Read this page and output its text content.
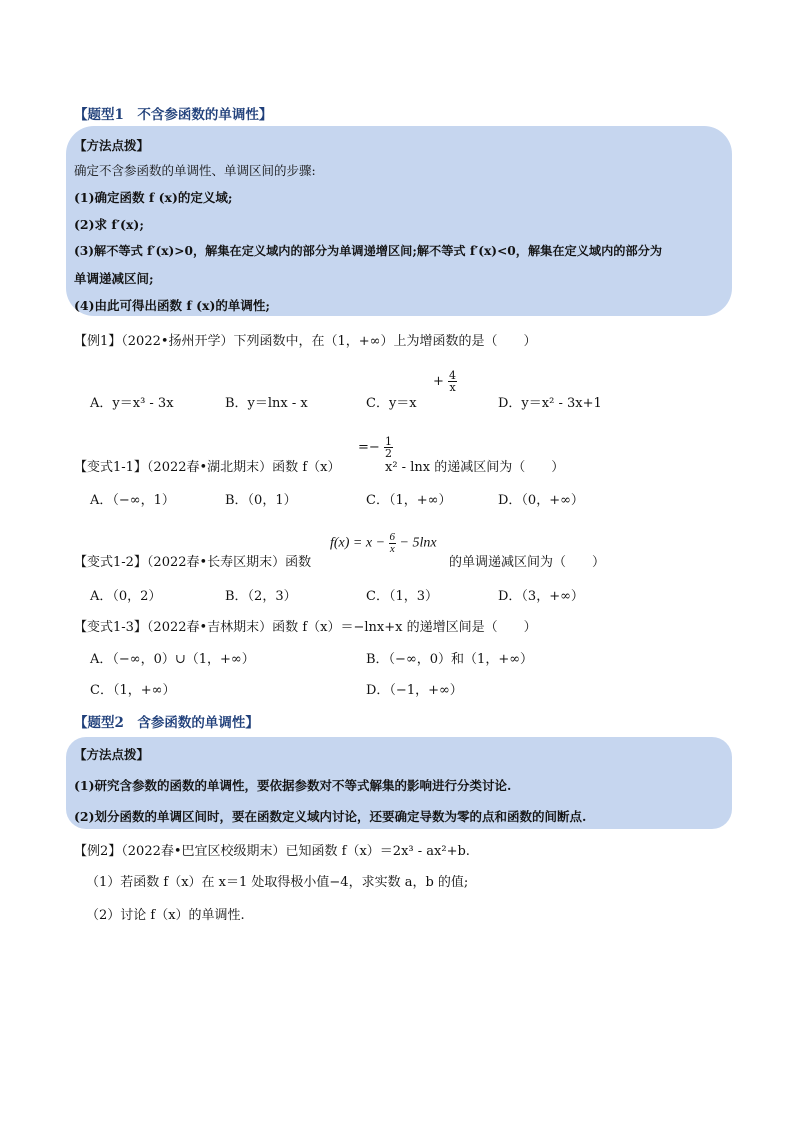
【题型1　不含参函数的单调性】
【方法点拨】
确定不含参函数的单调性、单调区间的步骤:
(1)确定函数 f (x)的定义域;
(2)求 f′(x);
(3)解不等式 f′(x)>0，解集在定义域内的部分为单调递增区间;解不等式 f′(x)<0，解集在定义域内的部分为
单调递减区间;
(4)由此可得出函数 f (x)的单调性;
【例1】（2022•扬州开学）下列函数中，在（1，+∞）上为增函数的是（　　）
A．y＝x³ - 3x	B．y＝lnx - x	C．y＝x
+ $\frac{4}{x}$
D．y＝x² - 3x+1
【变式1-1】（2022春•湖北期末）函数 f（x）
=− $\frac{1}{2}$
x² - lnx 的递减区间为（　　）
A．（−∞，1）	B．（0，1）	C．（1，+∞）	D．（0，+∞）
【变式1-2】（2022春•长寿区期末）函数
$f(x) = x - \frac{6}{x} - 5\ln x$
的单调递减区间为（　　）
A．（0，2）	B．（2，3）	C．（1，3）	D．（3，+∞）
【变式1-3】（2022春•吉林期末）函数 f（x）＝−lnx+x 的递增区间是（　　）
A．（−∞，0）∪（1，+∞）	B．（−∞，0）和（1，+∞）
C．（1，+∞）	D．（−1，+∞）
【题型2　含参函数的单调性】
【方法点拨】
(1)研究含参数的函数的单调性，要依据参数对不等式解集的影响进行分类讨论.
(2)划分函数的单调区间时，要在函数定义域内讨论，还要确定导数为零的点和函数的间断点.
【例2】（2022春•巴宜区校级期末）已知函数 f（x）＝2x³ - ax²+b.
（1）若函数 f（x）在 x＝1 处取得极小值−4，求实数 a，b 的值;
（2）讨论 f（x）的单调性.
